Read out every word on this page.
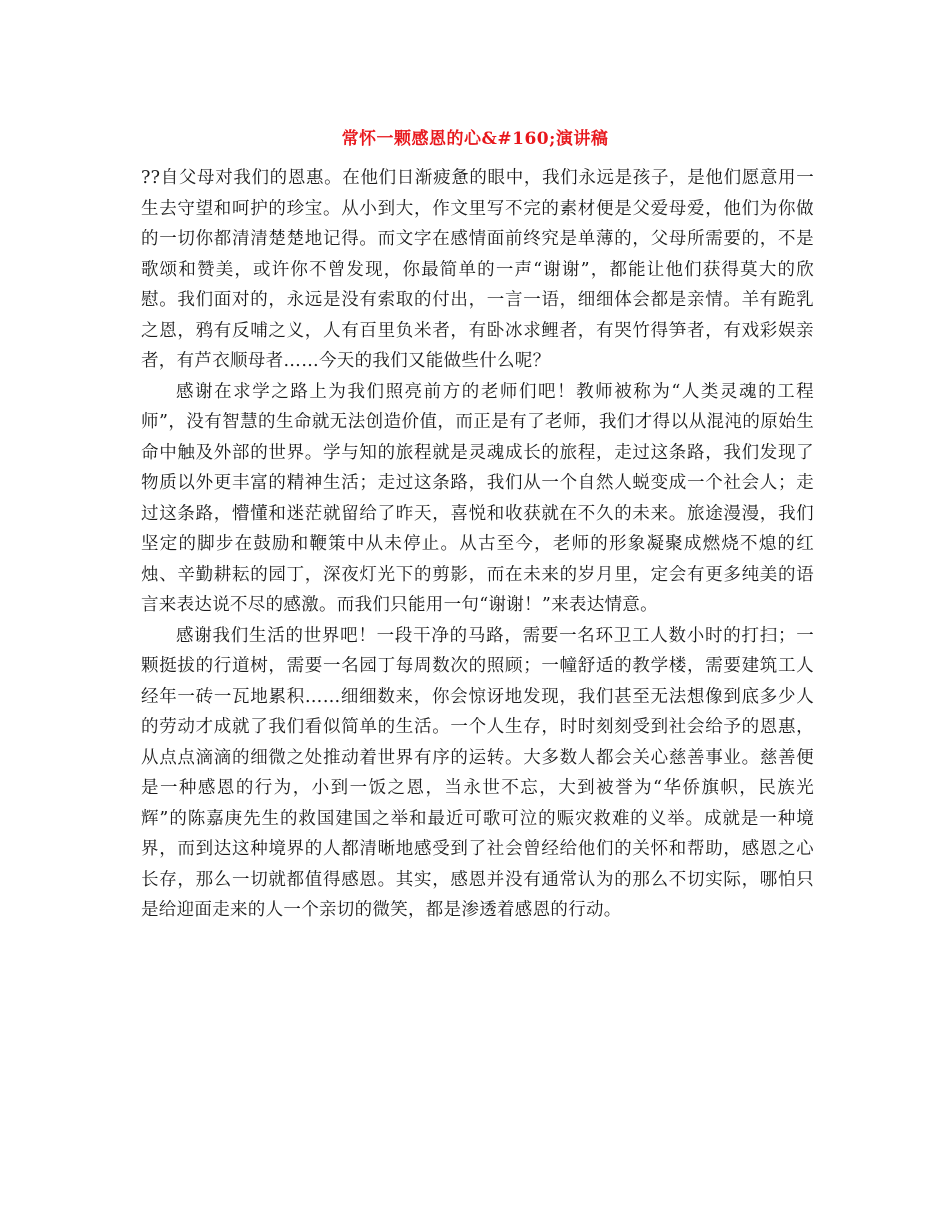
常怀一颗感恩的心&#160;演讲稿

??自父母对我们的恩惠。在他们日渐疲惫的眼中，我们永远是孩子，是他们愿意用一生去守望和呵护的珍宝。从小到大，作文里写不完的素材便是父爱母爱，他们为你做的一切你都清清楚楚地记得。而文字在感情面前终究是单薄的，父母所需要的，不是歌颂和赞美，或许你不曾发现，你最简单的一声“谢谢”，都能让他们获得莫大的欣慰。我们面对的，永远是没有索取的付出，一言一语，细细体会都是亲情。羊有跪乳之恩，鸦有反哺之义，人有百里负米者，有卧冰求鲤者，有哭竹得笋者，有戏彩娱亲者，有芦衣顺母者……今天的我们又能做些什么呢？

感谢在求学之路上为我们照亮前方的老师们吧！教师被称为“人类灵魂的工程师”，没有智慧的生命就无法创造价值，而正是有了老师，我们才得以从混沌的原始生命中触及外部的世界。学与知的旅程就是灵魂成长的旅程，走过这条路，我们发现了物质以外更丰富的精神生活；走过这条路，我们从一个自然人蜕变成一个社会人；走过这条路，懵懂和迷茫就留给了昨天，喜悦和收获就在不久的未来。旅途漫漫，我们坚定的脚步在鼓励和鞭策中从未停止。从古至今，老师的形象凝聚成燃烧不熄的红烛、辛勤耕耘的园丁，深夜灯光下的剪影，而在未来的岁月里，定会有更多纯美的语言来表达说不尽的感激。而我们只能用一句“谢谢！”来表达情意。

感谢我们生活的世界吧！一段干净的马路，需要一名环卫工人数小时的打扫；一颗挺拔的行道树，需要一名园丁每周数次的照顾；一幢舒适的教学楼，需要建筑工人经年一砖一瓦地累积……细细数来，你会惊讶地发现，我们甚至无法想像到底多少人的劳动才成就了我们看似简单的生活。一个人生存，时时刻刻受到社会给予的恩惠，从点点滴滴的细微之处推动着世界有序的运转。大多数人都会关心慈善事业。慈善便是一种感恩的行为，小到一饭之恩，当永世不忘，大到被誉为“华侨旗帜，民族光辉”的陈嘉庚先生的救国建国之举和最近可歌可泣的赈灾救难的义举。成就是一种境界，而到达这种境界的人都清晰地感受到了社会曾经给他们的关怀和帮助，感恩之心长存，那么一切就都值得感恩。其实，感恩并没有通常认为的那么不切实际，哪怕只是给迎面走来的人一个亲切的微笑，都是渗透着感恩的行动。
